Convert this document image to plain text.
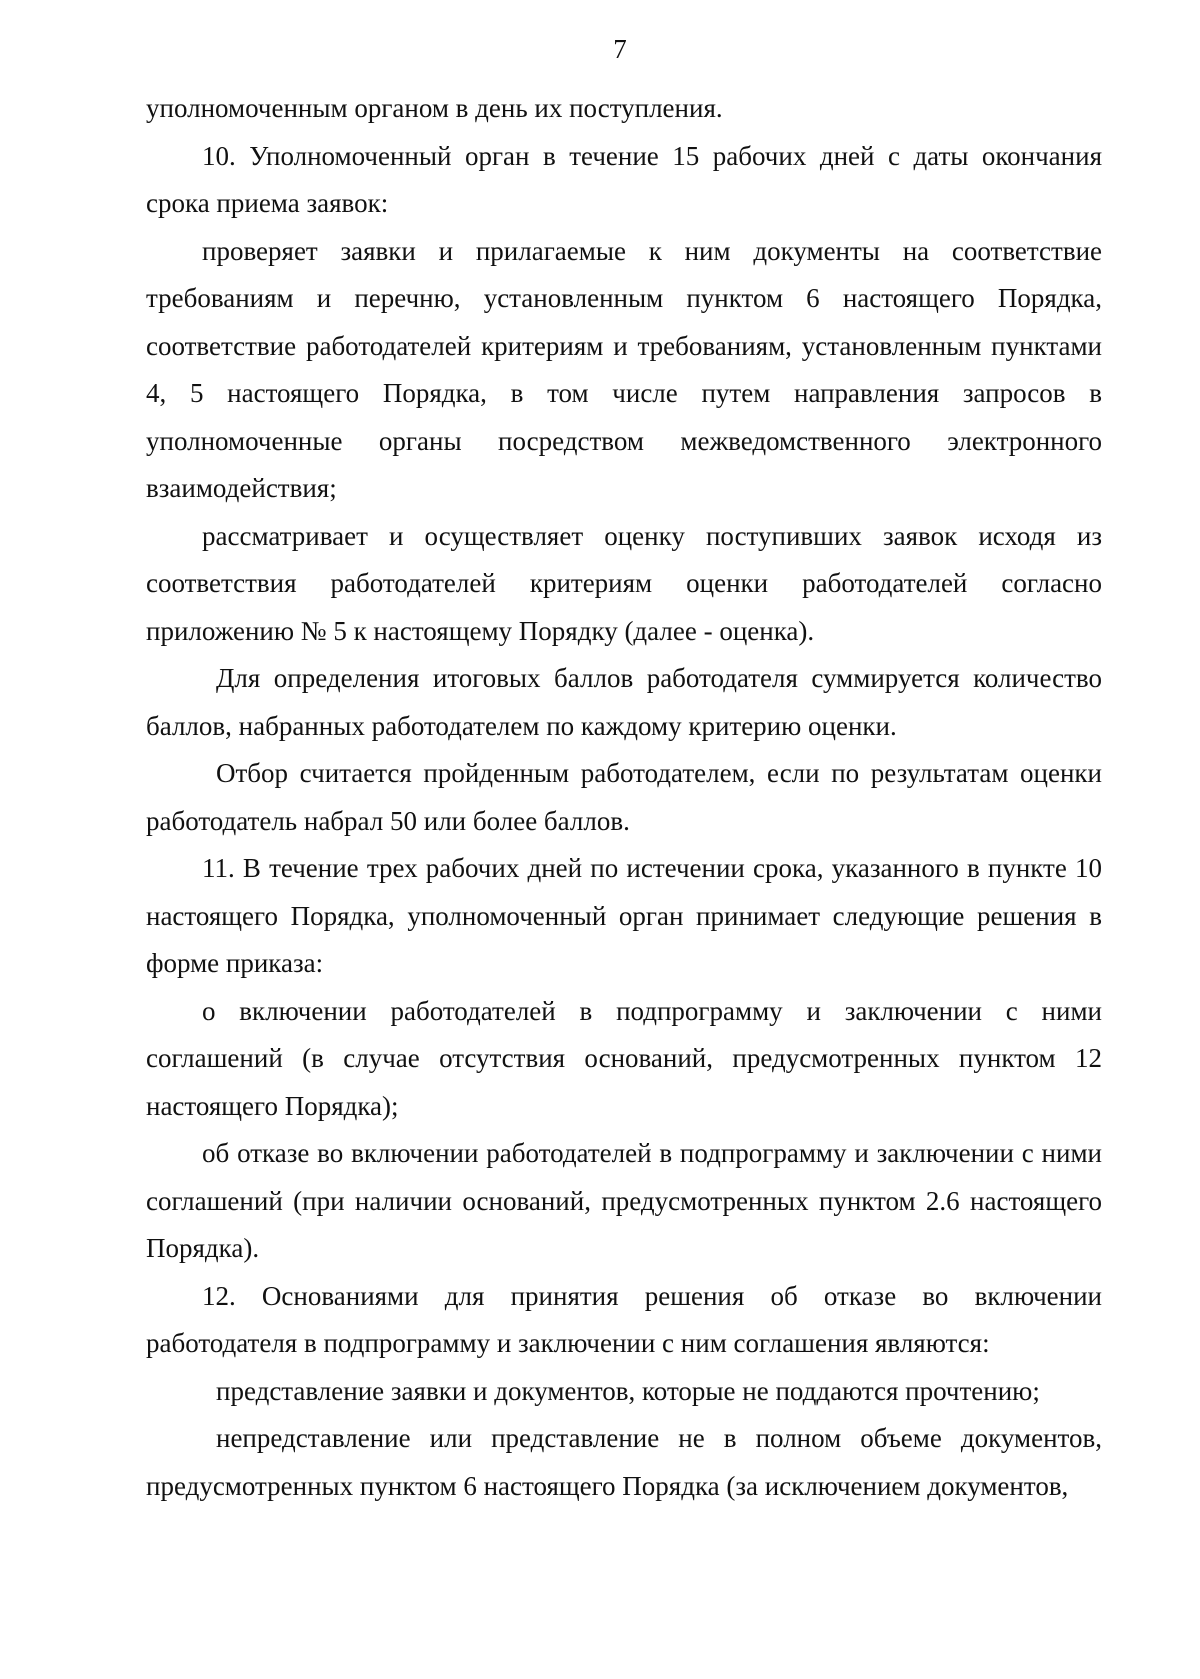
7

уполномоченным органом в день их поступления.

10. Уполномоченный орган в течение 15 рабочих дней с даты окончания срока приема заявок:

проверяет заявки и прилагаемые к ним документы на соответствие требованиям и перечню, установленным пунктом 6 настоящего Порядка, соответствие работодателей критериям и требованиям, установленным пунктами 4, 5 настоящего Порядка, в том числе путем направления запросов в уполномоченные органы посредством межведомственного электронного взаимодействия;

рассматривает и осуществляет оценку поступивших заявок исходя из соответствия работодателей критериям оценки работодателей согласно приложению № 5 к настоящему Порядку (далее - оценка).

Для определения итоговых баллов работодателя суммируется количество баллов, набранных работодателем по каждому критерию оценки.

Отбор считается пройденным работодателем, если по результатам оценки работодатель набрал 50 или более баллов.

11. В течение трех рабочих дней по истечении срока, указанного в пункте 10 настоящего Порядка, уполномоченный орган принимает следующие решения в форме приказа:

о включении работодателей в подпрограмму и заключении с ними соглашений (в случае отсутствия оснований, предусмотренных пунктом 12 настоящего Порядка);

об отказе во включении работодателей в подпрограмму и заключении с ними соглашений (при наличии оснований, предусмотренных пунктом 2.6 настоящего Порядка).

12. Основаниями для принятия решения об отказе во включении работодателя в подпрограмму и заключении с ним соглашения являются:

представление заявки и документов, которые не поддаются прочтению;

непредставление или представление не в полном объеме документов, предусмотренных пунктом 6 настоящего Порядка (за исключением документов,
